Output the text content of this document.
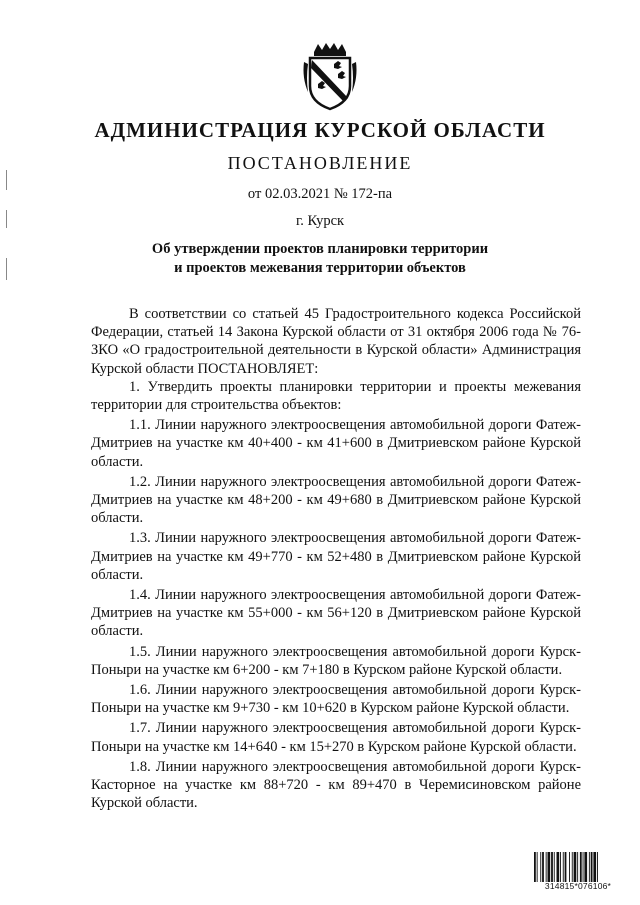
АДМИНИСТРАЦИЯ КУРСКОЙ ОБЛАСТИ
ПОСТАНОВЛЕНИЕ
от 02.03.2021 № 172-па
г. Курск
Об утверждении проектов планировки территории
и проектов межевания территории объектов

В соответствии со статьей 45 Градостроительного кодекса Российской Федерации, статьей 14 Закона Курской области от 31 октября 2006 года № 76-ЗКО «О градостроительной деятельности в Курской области» Администрация Курской области ПОСТАНОВЛЯЕТ:

1. Утвердить проекты планировки территории и проекты межевания территории для строительства объектов:

1.1. Линии наружного электроосвещения автомобильной дороги Фатеж-Дмитриев на участке км 40+400 - км 41+600 в Дмитриевском районе Курской области.

1.2. Линии наружного электроосвещения автомобильной дороги Фатеж-Дмитриев на участке км 48+200 - км 49+680 в Дмитриевском районе Курской области.

1.3. Линии наружного электроосвещения автомобильной дороги Фатеж-Дмитриев на участке км 49+770 - км 52+480 в Дмитриевском районе Курской области.

1.4. Линии наружного электроосвещения автомобильной дороги Фатеж-Дмитриев на участке км 55+000 - км 56+120 в Дмитриевском районе Курской области.

1.5. Линии наружного электроосвещения автомобильной дороги Курск-Поныри на участке км 6+200 - км 7+180 в Курском районе Курской области.

1.6. Линии наружного электроосвещения автомобильной дороги Курск-Поныри на участке км 9+730 - км 10+620 в Курском районе Курской области.

1.7. Линии наружного электроосвещения автомобильной дороги Курск-Поныри на участке км 14+640 - км 15+270 в Курском районе Курской области.

1.8. Линии наружного электроосвещения автомобильной дороги Курск-Касторное на участке км 88+720 - км 89+470 в Черемисиновском районе Курской области.

314815*076106*
